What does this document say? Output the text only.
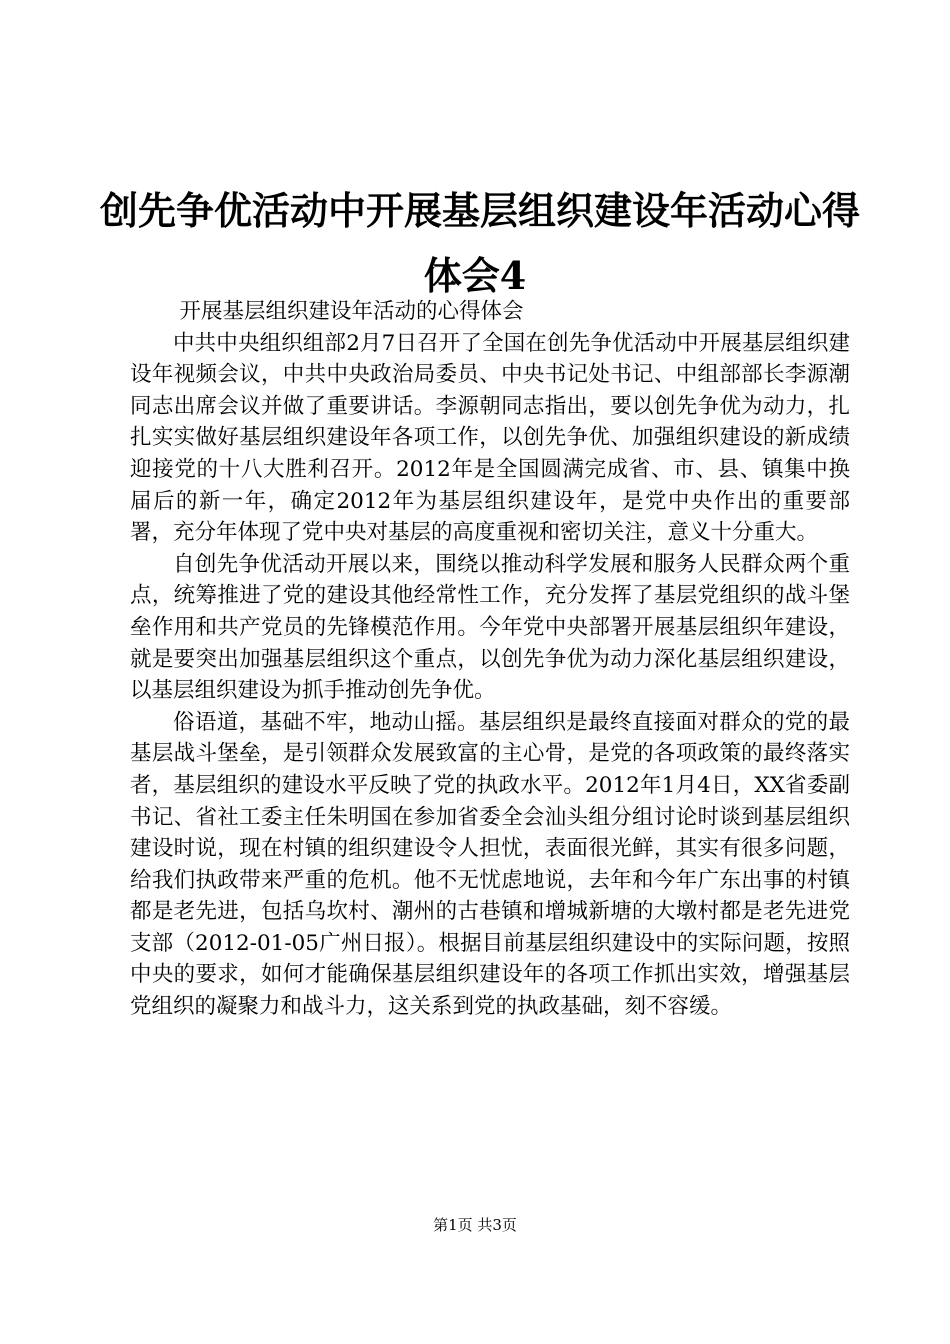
创先争优活动中开展基层组织建设年活动心得
体会4

开展基层组织建设年活动的心得体会

中共中央组织组部2月7日召开了全国在创先争优活动中开展基层组织建设年视频会议，中共中央政治局委员、中央书记处书记、中组部部长李源潮同志出席会议并做了重要讲话。李源朝同志指出，要以创先争优为动力，扎扎实实做好基层组织建设年各项工作，以创先争优、加强组织建设的新成绩迎接党的十八大胜利召开。2012年是全国圆满完成省、市、县、镇集中换届后的新一年，确定2012年为基层组织建设年，是党中央作出的重要部署，充分年体现了党中央对基层的高度重视和密切关注，意义十分重大。

自创先争优活动开展以来，围绕以推动科学发展和服务人民群众两个重点，统筹推进了党的建设其他经常性工作，充分发挥了基层党组织的战斗堡垒作用和共产党员的先锋模范作用。今年党中央部署开展基层组织年建设，就是要突出加强基层组织这个重点，以创先争优为动力深化基层组织建设，以基层组织建设为抓手推动创先争优。

俗语道，基础不牢，地动山摇。基层组织是最终直接面对群众的党的最基层战斗堡垒，是引领群众发展致富的主心骨，是党的各项政策的最终落实者，基层组织的建设水平反映了党的执政水平。2012年1月4日，XX省委副书记、省社工委主任朱明国在参加省委全会汕头组分组讨论时谈到基层组织建设时说，现在村镇的组织建设令人担忧，表面很光鲜，其实有很多问题，给我们执政带来严重的危机。他不无忧虑地说，去年和今年广东出事的村镇都是老先进，包括乌坎村、潮州的古巷镇和增城新塘的大墩村都是老先进党支部（2012-01-05广州日报）。根据目前基层组织建设中的实际问题，按照中央的要求，如何才能确保基层组织建设年的各项工作抓出实效，增强基层党组织的凝聚力和战斗力，这关系到党的执政基础，刻不容缓。

第1页 共3页
